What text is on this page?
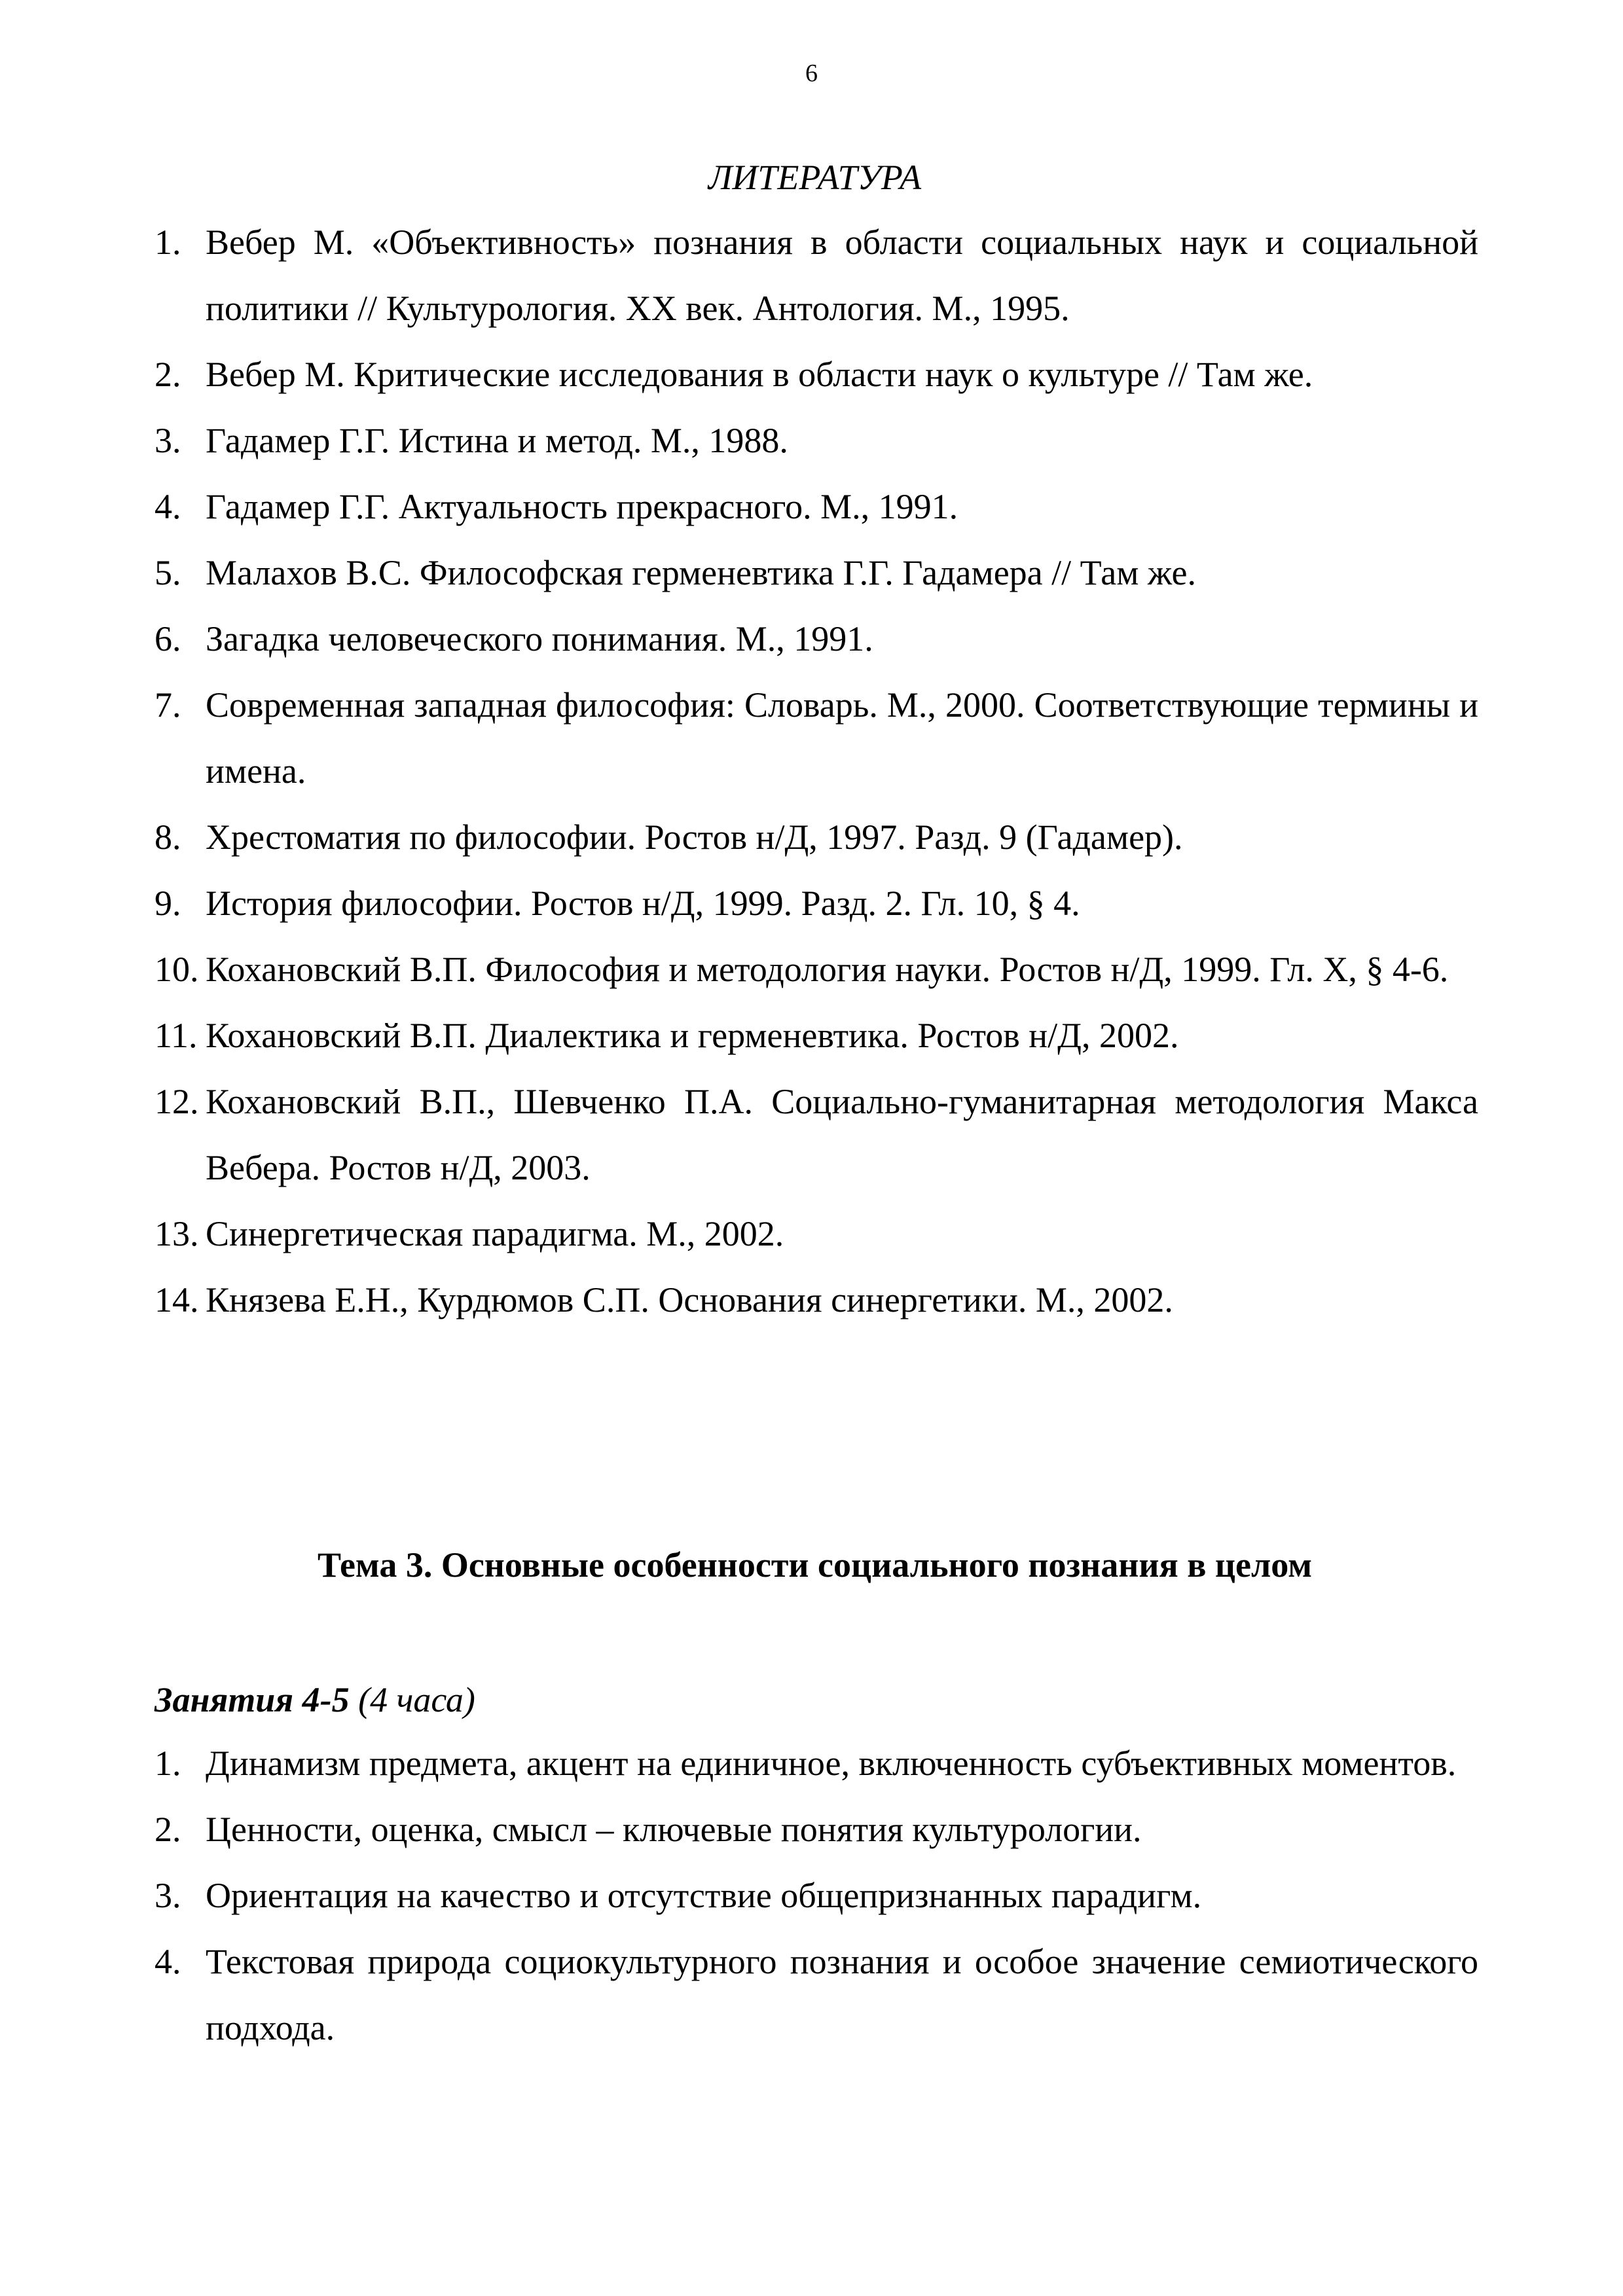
6
ЛИТЕРАТУРА
1. Вебер М. «Объективность» познания в области социальных наук и социальной политики // Культурология. XX век. Антология. М., 1995.
2. Вебер М. Критические исследования в области наук о культуре // Там же.
3. Гадамер Г.Г. Истина и метод. М., 1988.
4. Гадамер Г.Г. Актуальность прекрасного. М., 1991.
5. Малахов В.С. Философская герменевтика Г.Г. Гадамера // Там же.
6. Загадка человеческого понимания. М., 1991.
7. Современная западная философия: Словарь. М., 2000. Соответствующие термины и имена.
8. Хрестоматия по философии. Ростов н/Д, 1997. Разд. 9 (Гадамер).
9. История философии. Ростов н/Д, 1999. Разд. 2. Гл. 10, § 4.
10. Кохановский В.П. Философия и методология науки. Ростов н/Д, 1999. Гл. X, § 4-6.
11. Кохановский В.П. Диалектика и герменевтика. Ростов н/Д, 2002.
12. Кохановский В.П., Шевченко П.А. Социально-гуманитарная методология Макса Вебера. Ростов н/Д, 2003.
13. Синергетическая парадигма. М., 2002.
14. Князева Е.Н., Курдюмов С.П. Основания синергетики. М., 2002.
Тема 3. Основные особенности социального познания в целом
Занятия 4-5 (4 часа)
1. Динамизм предмета, акцент на единичное, включенность субъективных моментов.
2. Ценности, оценка, смысл – ключевые понятия культурологии.
3. Ориентация на качество и отсутствие общепризнанных парадигм.
4. Текстовая природа социокультурного познания и особое значение семиотического подхода.
